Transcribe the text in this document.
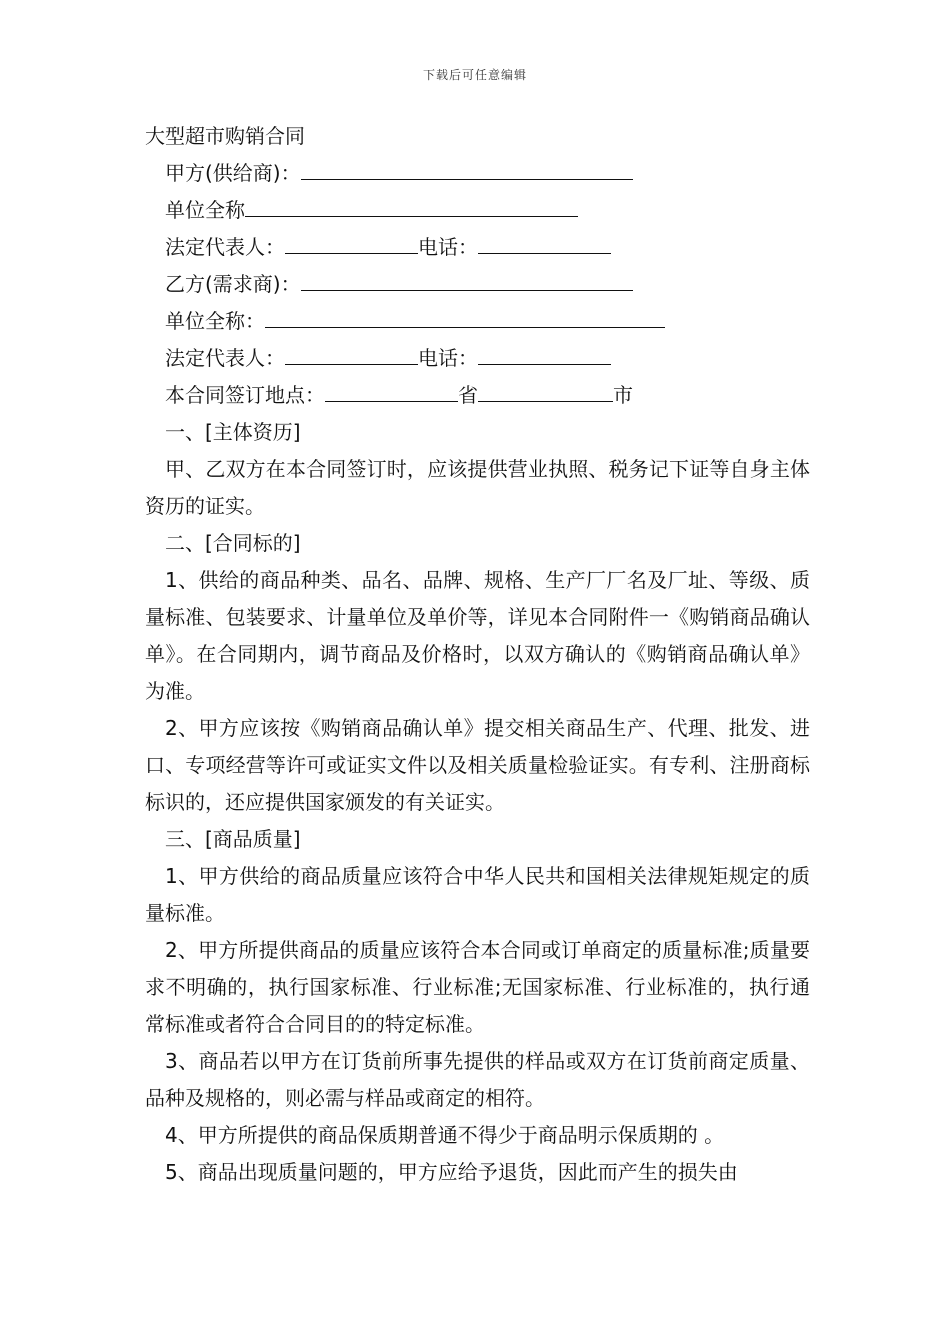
下载后可任意编辑
大型超市购销合同
甲方(供给商)：
单位全称
法定代表人：	电话：
乙方(需求商)：
单位全称：
法定代表人：	电话：
本合同签订地点：	省	市
一、[主体资历]
甲、乙双方在本合同签订时，应该提供营业执照、税务记下证等自身主体资历的证实。
二、[合同标的]
1、供给的商品种类、品名、品牌、规格、生产厂厂名及厂址、等级、质量标准、包装要求、计量单位及单价等，详见本合同附件一《购销商品确认单》。在合同期内，调节商品及价格时，以双方确认的《购销商品确认单》为准。
2、甲方应该按《购销商品确认单》提交相关商品生产、代理、批发、进口、专项经营等许可或证实文件以及相关质量检验证实。有专利、注册商标标识的，还应提供国家颁发的有关证实。
三、[商品质量]
1、甲方供给的商品质量应该符合中华人民共和国相关法律规矩规定的质量标准。
2、甲方所提供商品的质量应该符合本合同或订单商定的质量标准;质量要求不明确的，执行国家标准、行业标准;无国家标准、行业标准的，执行通常标准或者符合合同目的的特定标准。
3、商品若以甲方在订货前所事先提供的样品或双方在订货前商定质量、品种及规格的，则必需与样品或商定的相符。
4、甲方所提供的商品保质期普通不得少于商品明示保质期的 。
5、商品出现质量问题的，甲方应给予退货，因此而产生的损失由
